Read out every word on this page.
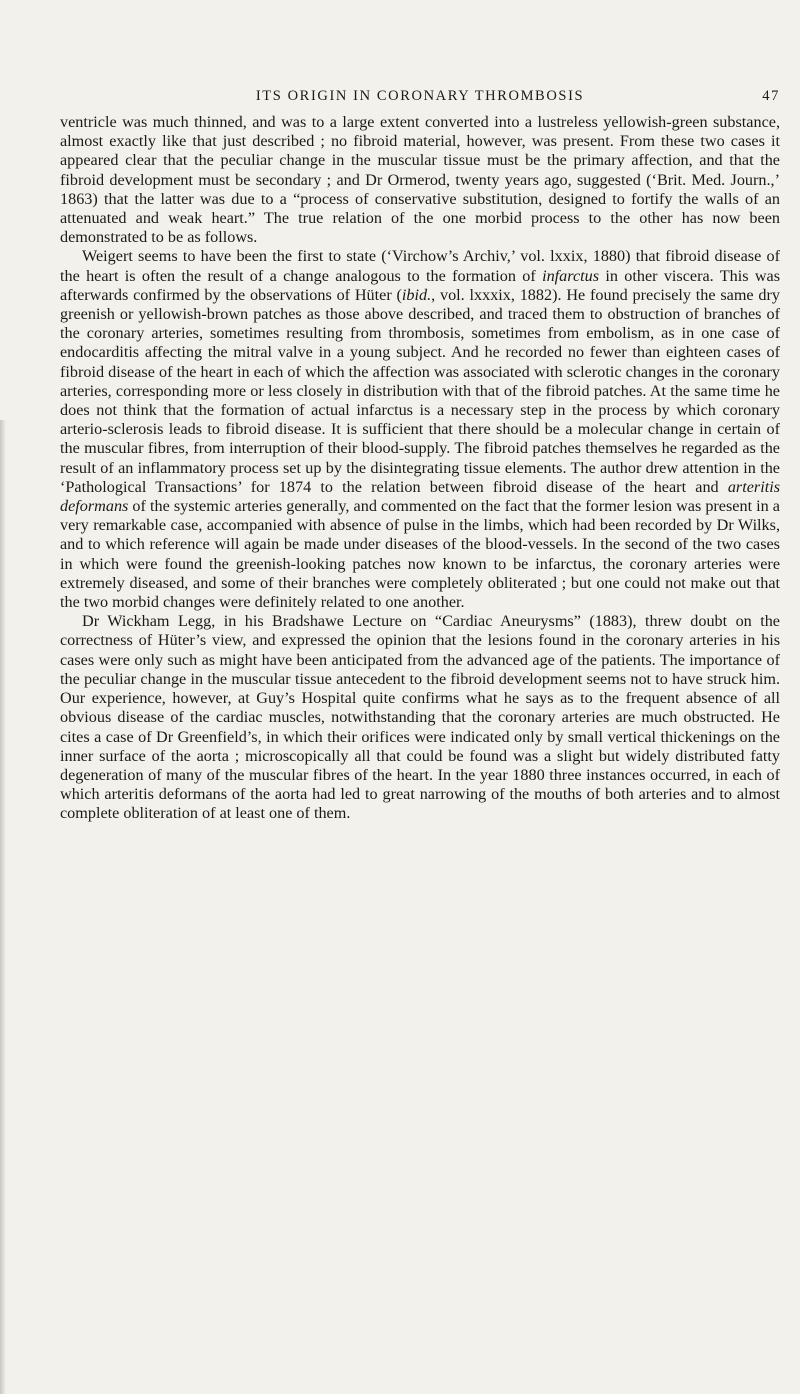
ITS ORIGIN IN CORONARY THROMBOSIS	47

ventricle was much thinned, and was to a large extent converted into a lustreless yellowish-green substance, almost exactly like that just described ; no fibroid material, however, was present. From these two cases it appeared clear that the peculiar change in the muscular tissue must be the primary affection, and that the fibroid development must be secondary ; and Dr Ormerod, twenty years ago, suggested (‘Brit. Med. Journ.,’ 1863) that the latter was due to a “process of conservative substitution, designed to fortify the walls of an attenuated and weak heart.” The true relation of the one morbid process to the other has now been demonstrated to be as follows.

Weigert seems to have been the first to state (‘Virchow’s Archiv,’ vol. lxxix, 1880) that fibroid disease of the heart is often the result of a change analogous to the formation of infarctus in other viscera. This was afterwards confirmed by the observations of Hüter (ibid., vol. lxxxix, 1882). He found precisely the same dry greenish or yellowish-brown patches as those above described, and traced them to obstruction of branches of the coronary arteries, sometimes resulting from thrombosis, sometimes from embolism, as in one case of endocarditis affecting the mitral valve in a young subject. And he recorded no fewer than eighteen cases of fibroid disease of the heart in each of which the affection was associated with sclerotic changes in the coronary arteries, corresponding more or less closely in distribution with that of the fibroid patches. At the same time he does not think that the formation of actual infarctus is a necessary step in the process by which coronary arterio-sclerosis leads to fibroid disease. It is sufficient that there should be a molecular change in certain of the muscular fibres, from interruption of their blood-supply. The fibroid patches themselves he regarded as the result of an inflammatory process set up by the disintegrating tissue elements. The author drew attention in the ‘Pathological Transactions’ for 1874 to the relation between fibroid disease of the heart and arteritis deformans of the systemic arteries generally, and commented on the fact that the former lesion was present in a very remarkable case, accompanied with absence of pulse in the limbs, which had been recorded by Dr Wilks, and to which reference will again be made under diseases of the blood-vessels. In the second of the two cases in which were found the greenish-looking patches now known to be infarctus, the coronary arteries were extremely diseased, and some of their branches were completely obliterated ; but one could not make out that the two morbid changes were definitely related to one another.

Dr Wickham Legg, in his Bradshawe Lecture on “Cardiac Aneurysms” (1883), threw doubt on the correctness of Hüter’s view, and expressed the opinion that the lesions found in the coronary arteries in his cases were only such as might have been anticipated from the advanced age of the patients. The importance of the peculiar change in the muscular tissue antecedent to the fibroid development seems not to have struck him. Our experience, however, at Guy’s Hospital quite confirms what he says as to the frequent absence of all obvious disease of the cardiac muscles, notwithstanding that the coronary arteries are much obstructed. He cites a case of Dr Greenfield’s, in which their orifices were indicated only by small vertical thickenings on the inner surface of the aorta ; microscopically all that could be found was a slight but widely distributed fatty degeneration of many of the muscular fibres of the heart. In the year 1880 three instances occurred, in each of which arteritis deformans of the aorta had led to great narrowing of the mouths of both arteries and to almost complete obliteration of at least one of them.
